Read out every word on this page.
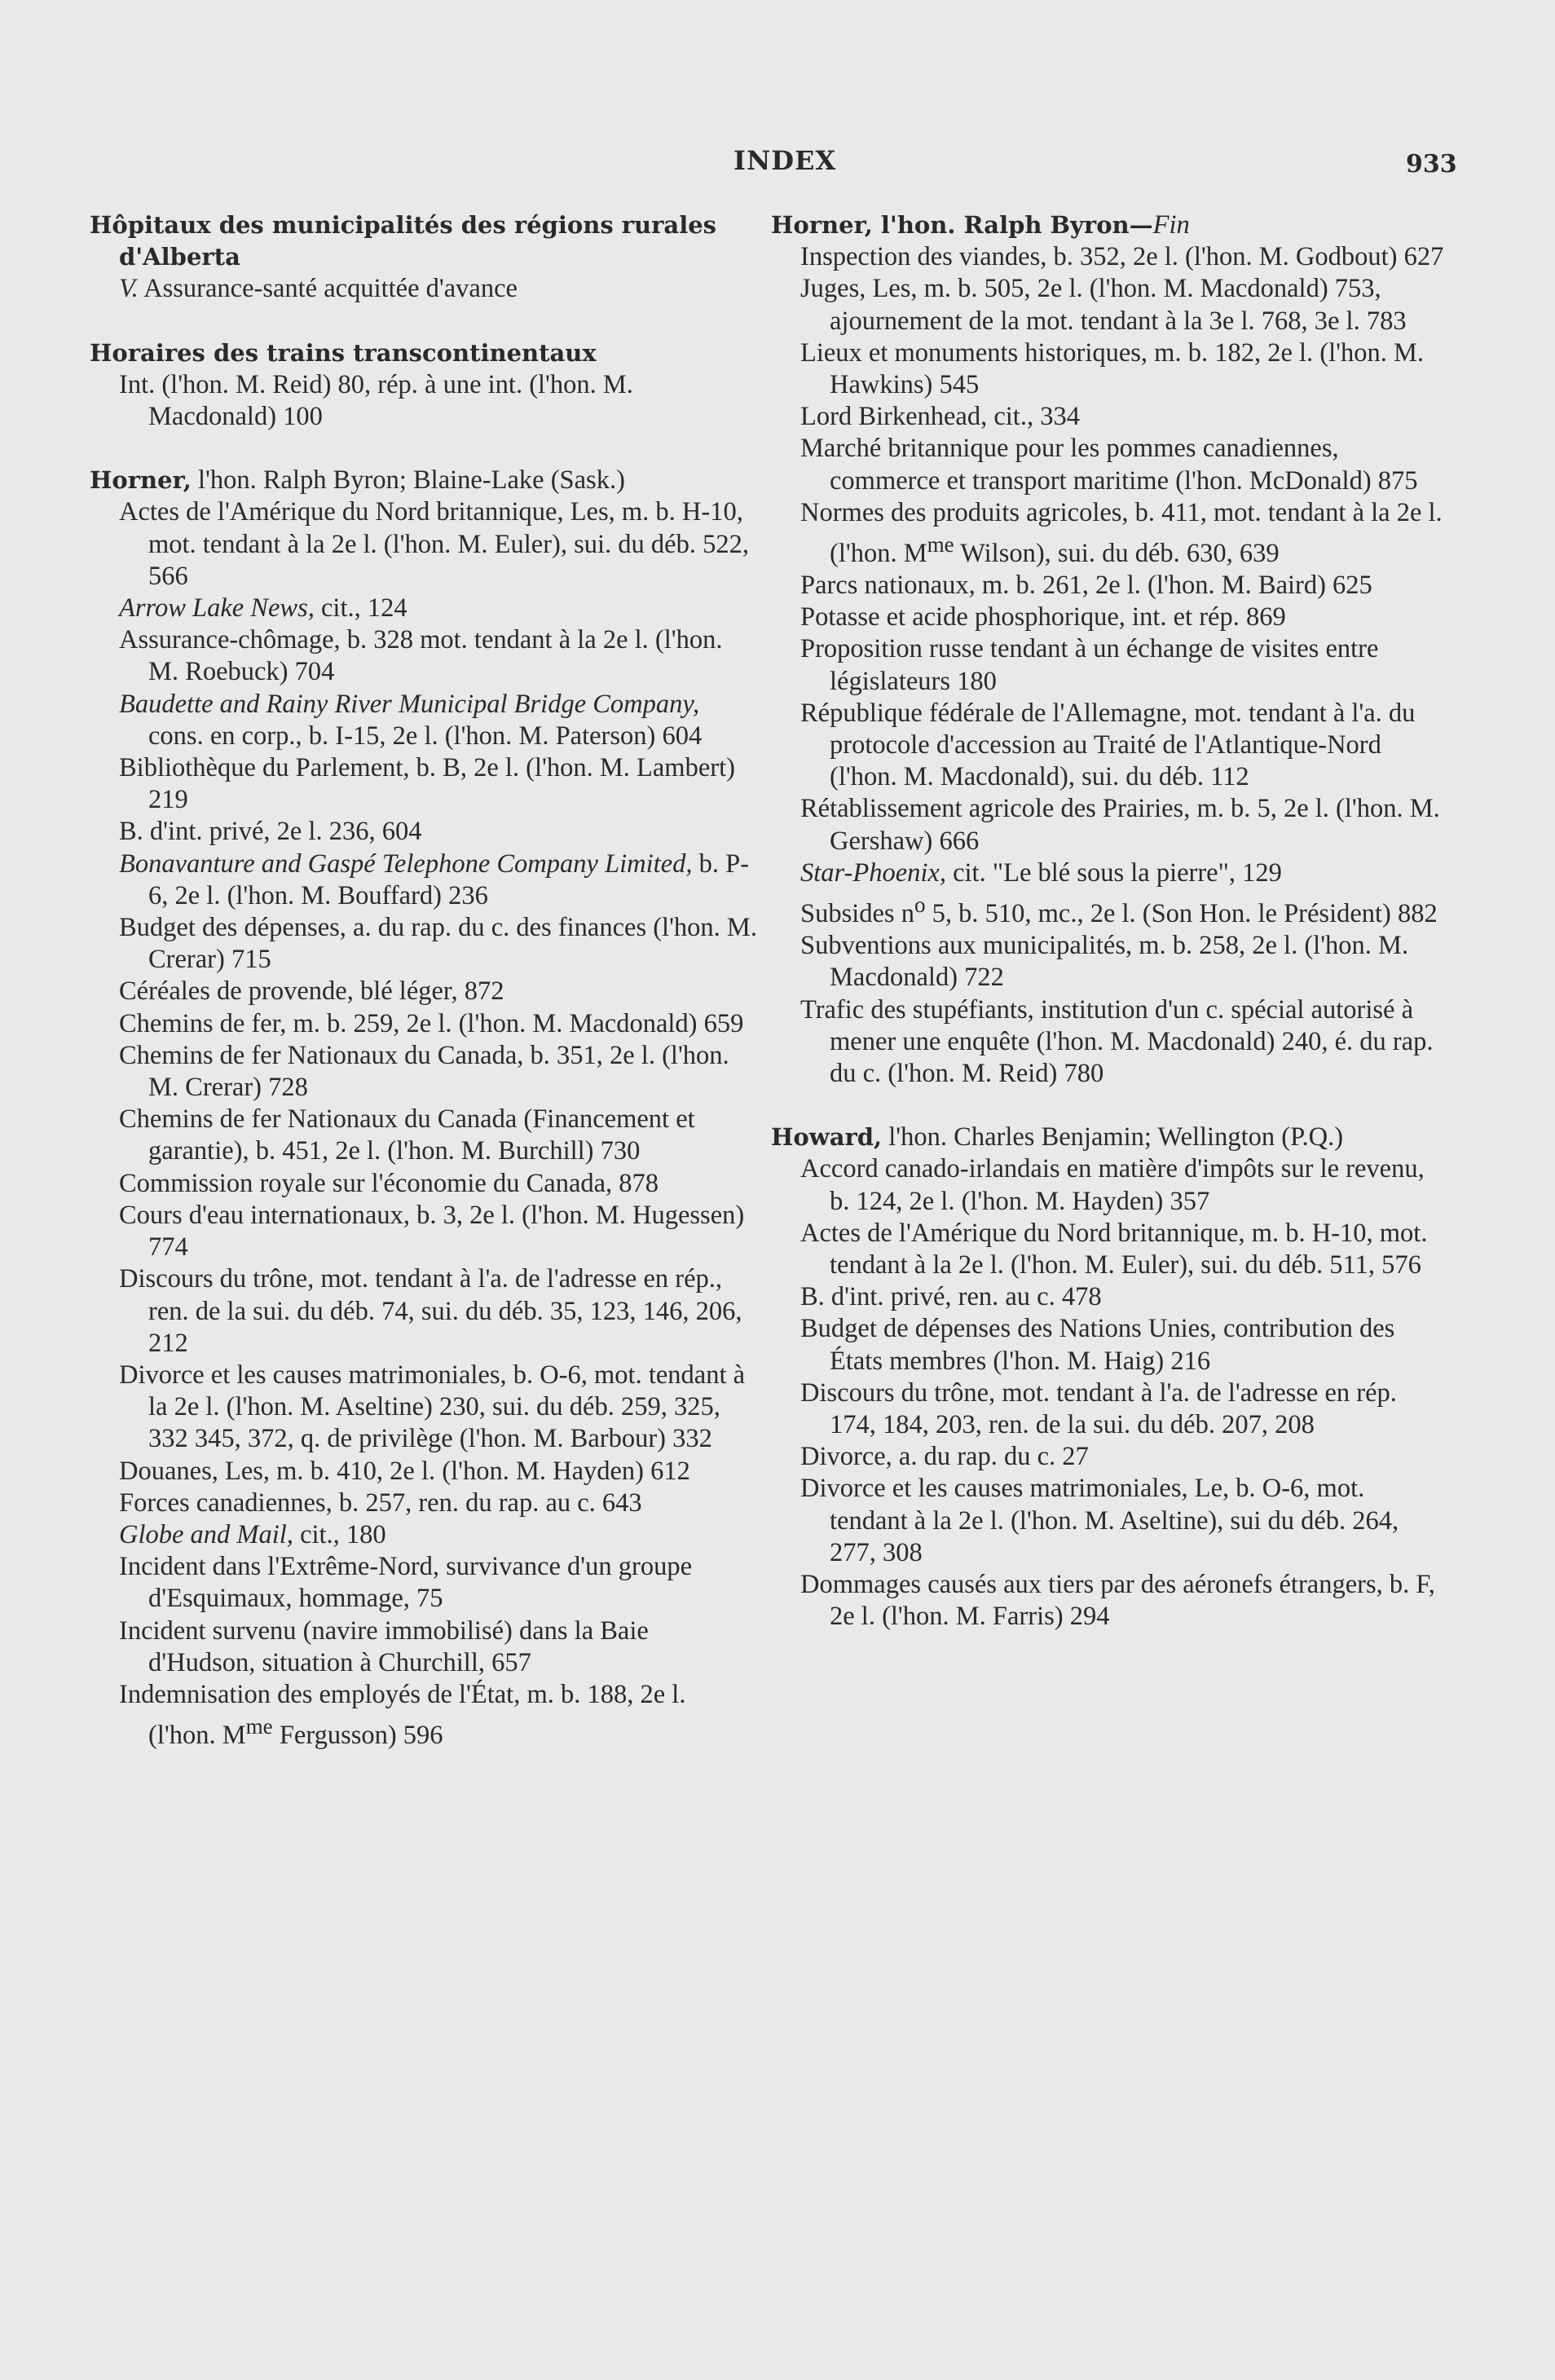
INDEX	933

Hôpitaux des municipalités des régions rurales d'Alberta

V. Assurance-santé acquittée d'avance

Horaires des trains transcontinentaux

Int. (l'hon. M. Reid) 80, rép. à une int. (l'hon. M. Macdonald) 100

Horner, l'hon. Ralph Byron; Blaine-Lake (Sask.)

Actes de l'Amérique du Nord britannique, Les, m. b. H-10, mot. tendant à la 2e l. (l'hon. M. Euler), sui. du déb. 522, 566

Arrow Lake News, cit., 124

Assurance-chômage, b. 328 mot. tendant à la 2e l. (l'hon. M. Roebuck) 704

Baudette and Rainy River Municipal Bridge Company, cons. en corp., b. I-15, 2e l. (l'hon. M. Paterson) 604

Bibliothèque du Parlement, b. B, 2e l. (l'hon. M. Lambert) 219

B. d'int. privé, 2e l. 236, 604

Bonavanture and Gaspé Telephone Company Limited, b. P-6, 2e l. (l'hon. M. Bouffard) 236

Budget des dépenses, a. du rap. du c. des finances (l'hon. M. Crerar) 715

Céréales de provende, blé léger, 872

Chemins de fer, m. b. 259, 2e l. (l'hon. M. Macdonald) 659

Chemins de fer Nationaux du Canada, b. 351, 2e l. (l'hon. M. Crerar) 728

Chemins de fer Nationaux du Canada (Financement et garantie), b. 451, 2e l. (l'hon. M. Burchill) 730

Commission royale sur l'économie du Canada, 878

Cours d'eau internationaux, b. 3, 2e l. (l'hon. M. Hugessen) 774

Discours du trône, mot. tendant à l'a. de l'adresse en rép., ren. de la sui. du déb. 74, sui. du déb. 35, 123, 146, 206, 212

Divorce et les causes matrimoniales, b. O-6, mot. tendant à la 2e l. (l'hon. M. Aseltine) 230, sui. du déb. 259, 325, 332 345, 372, q. de privilège (l'hon. M. Barbour) 332

Douanes, Les, m. b. 410, 2e l. (l'hon. M. Hayden) 612

Forces canadiennes, b. 257, ren. du rap. au c. 643

Globe and Mail, cit., 180

Incident dans l'Extrême-Nord, survivance d'un groupe d'Esquimaux, hommage, 75

Incident survenu (navire immobilisé) dans la Baie d'Hudson, situation à Churchill, 657

Indemnisation des employés de l'État, m. b. 188, 2e l. (l'hon. $M^{me}$ Fergusson) 596

Horner, l'hon. Ralph Byron—Fin

Inspection des viandes, b. 352, 2e l. (l'hon. M. Godbout) 627

Juges, Les, m. b. 505, 2e l. (l'hon. M. Macdonald) 753, ajournement de la mot. tendant à la 3e l. 768, 3e l. 783

Lieux et monuments historiques, m. b. 182, 2e l. (l'hon. M. Hawkins) 545

Lord Birkenhead, cit., 334

Marché britannique pour les pommes canadiennes, commerce et transport maritime (l'hon. McDonald) 875

Normes des produits agricoles, b. 411, mot. tendant à la 2e l. (l'hon. $M^{me}$ Wilson), sui. du déb. 630, 639

Parcs nationaux, m. b. 261, 2e l. (l'hon. M. Baird) 625

Potasse et acide phosphorique, int. et rép. 869

Proposition russe tendant à un échange de visites entre législateurs 180

République fédérale de l'Allemagne, mot. tendant à l'a. du protocole d'accession au Traité de l'Atlantique-Nord (l'hon. M. Macdonald), sui. du déb. 112

Rétablissement agricole des Prairies, m. b. 5, 2e l. (l'hon. M. Gershaw) 666

Star-Phoenix, cit. "Le blé sous la pierre", 129

Subsides $n^o$ 5, b. 510, mc., 2e l. (Son Hon. le Président) 882

Subventions aux municipalités, m. b. 258, 2e l. (l'hon. M. Macdonald) 722

Trafic des stupéfiants, institution d'un c. spécial autorisé à mener une enquête (l'hon. M. Macdonald) 240, é. du rap. du c. (l'hon. M. Reid) 780

Howard, l'hon. Charles Benjamin; Wellington (P.Q.)

Accord canado-irlandais en matière d'impôts sur le revenu, b. 124, 2e l. (l'hon. M. Hayden) 357

Actes de l'Amérique du Nord britannique, m. b. H-10, mot. tendant à la 2e l. (l'hon. M. Euler), sui. du déb. 511, 576

B. d'int. privé, ren. au c. 478

Budget de dépenses des Nations Unies, contribution des États membres (l'hon. M. Haig) 216

Discours du trône, mot. tendant à l'a. de l'adresse en rép. 174, 184, 203, ren. de la sui. du déb. 207, 208

Divorce, a. du rap. du c. 27

Divorce et les causes matrimoniales, Le, b. O-6, mot. tendant à la 2e l. (l'hon. M. Aseltine), sui du déb. 264, 277, 308

Dommages causés aux tiers par des aéronefs étrangers, b. F, 2e l. (l'hon. M. Farris) 294
